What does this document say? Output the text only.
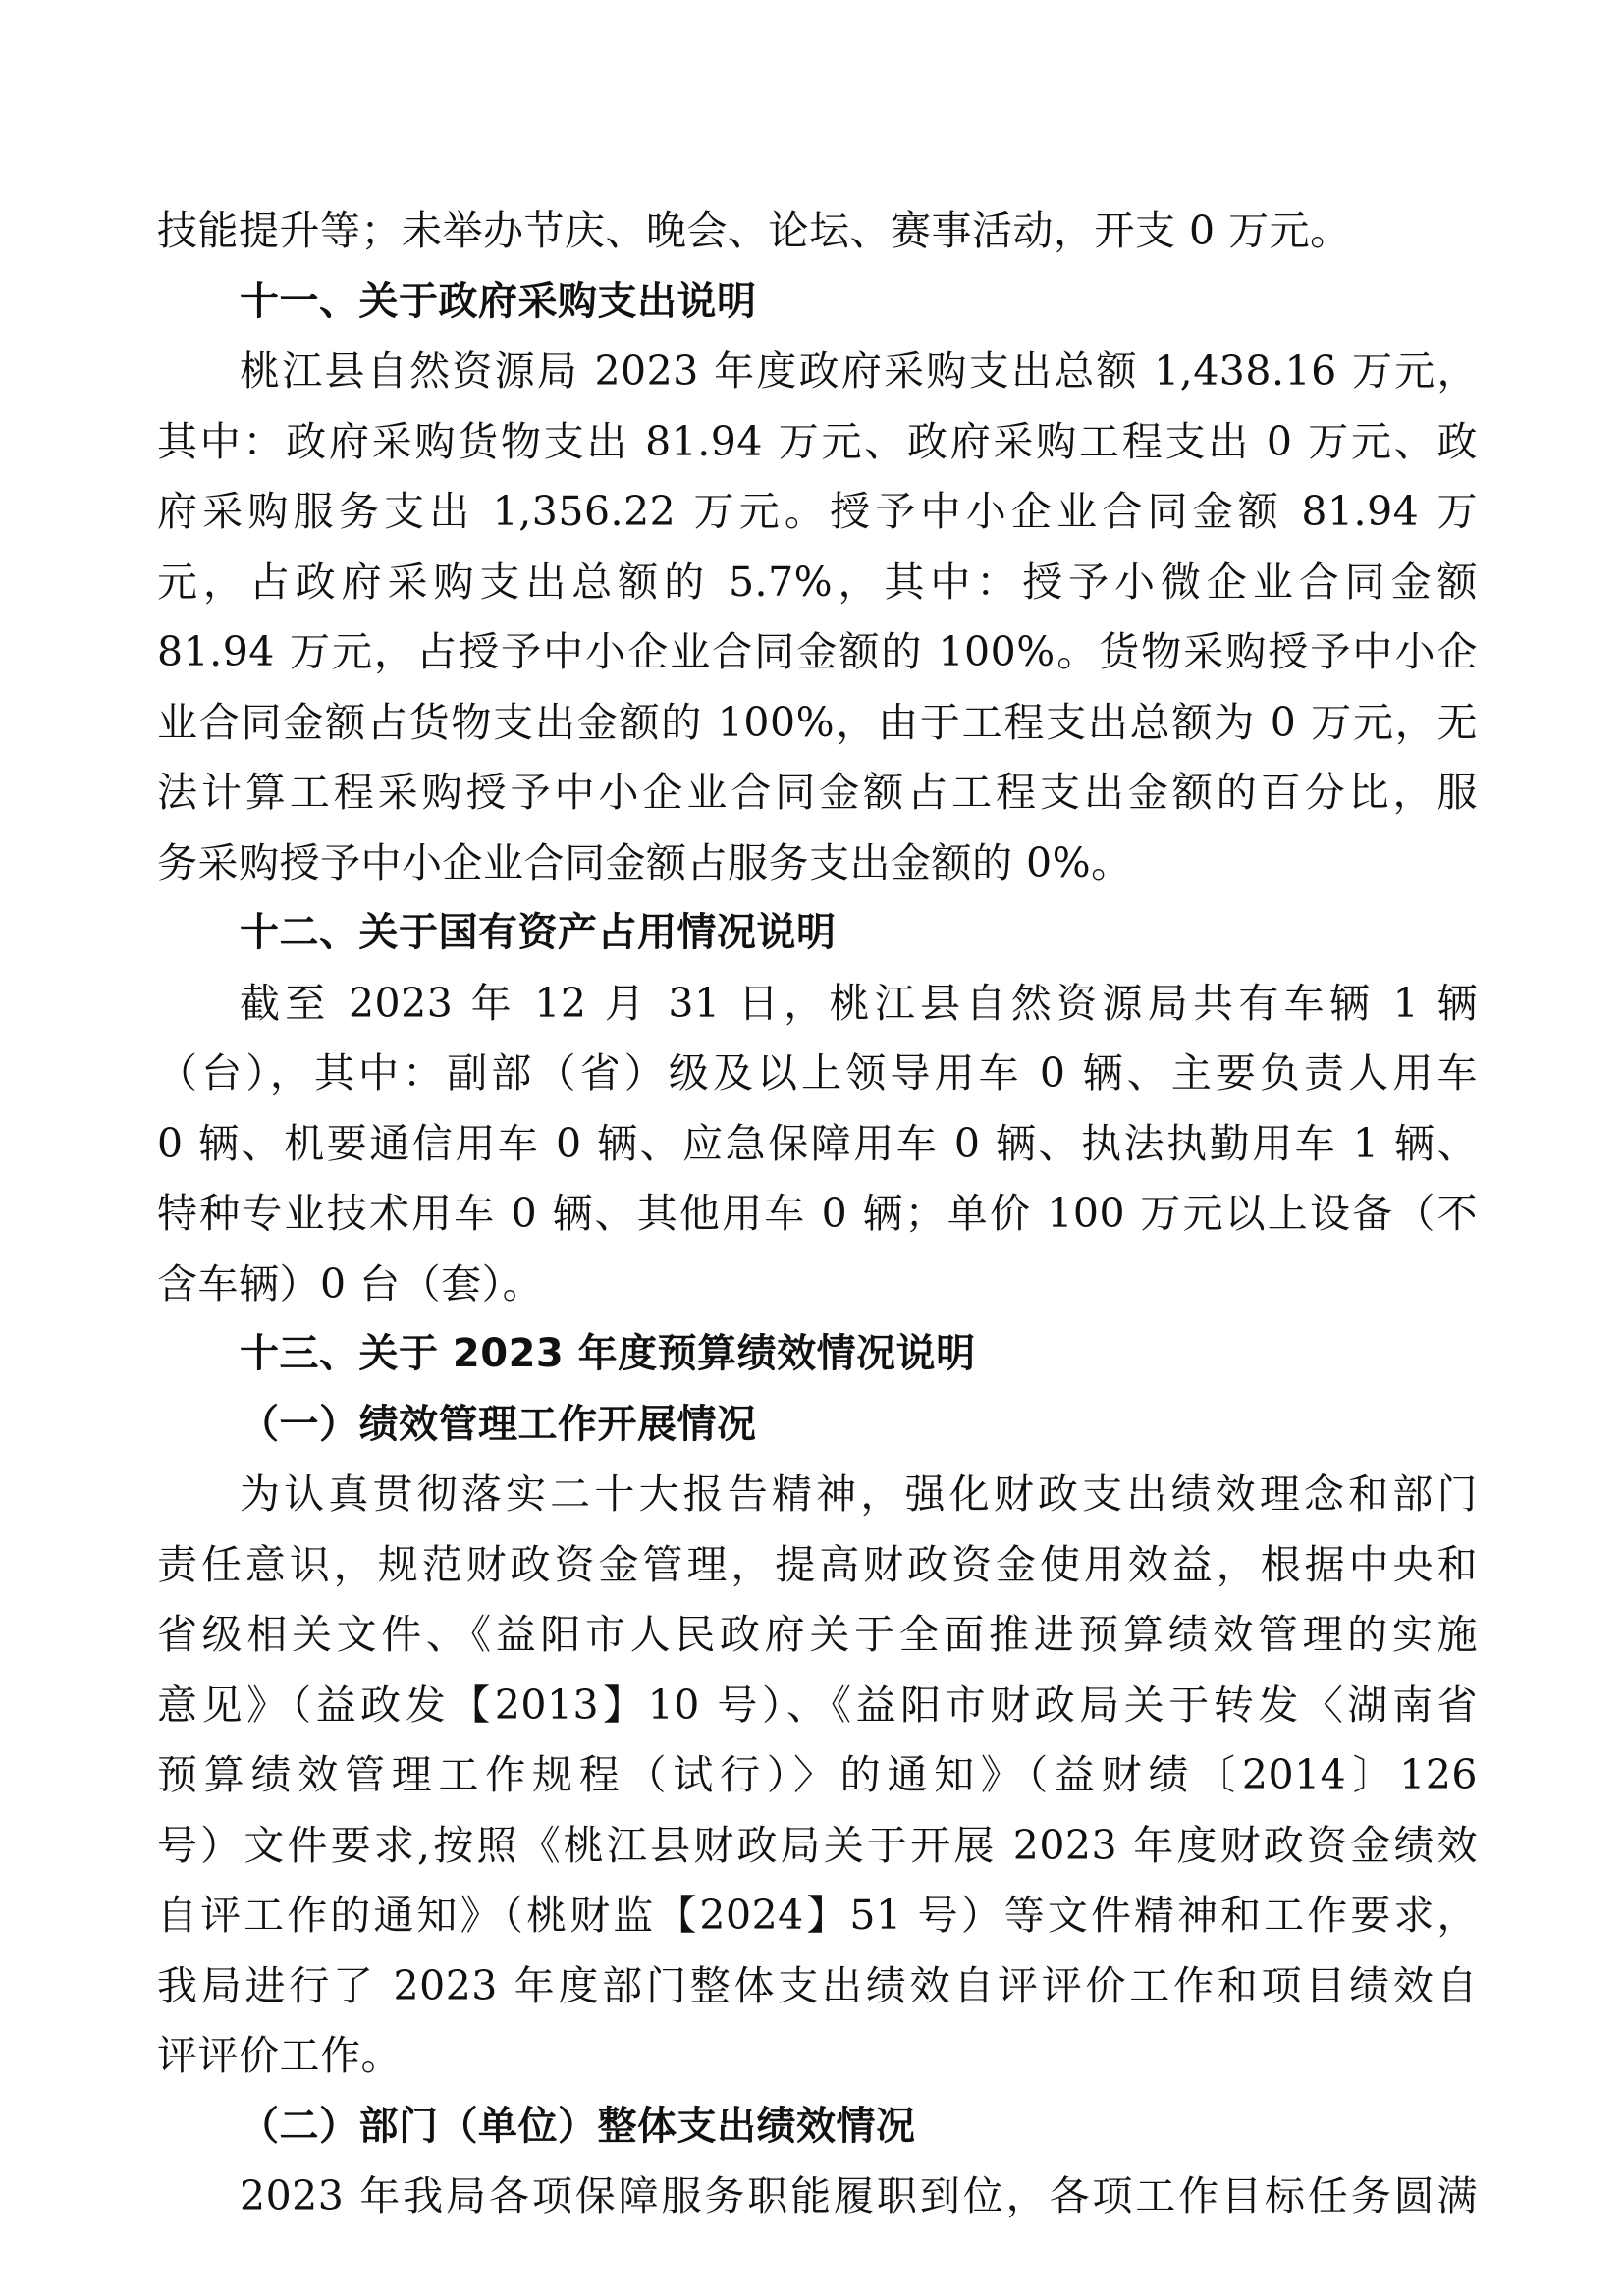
技能提升等；未举办节庆、晚会、论坛、赛事活动，开支 0 万元。

十一、关于政府采购支出说明

桃江县自然资源局 2023 年度政府采购支出总额 1,438.16 万元，

其中：政府采购货物支出 81.94 万元、政府采购工程支出 0 万元、政

府采购服务支出 1,356.22 万元。授予中小企业合同金额 81.94 万

元，占政府采购支出总额的 5.7%，其中：授予小微企业合同金额

81.94 万元，占授予中小企业合同金额的 100%。货物采购授予中小企

业合同金额占货物支出金额的 100%，由于工程支出总额为 0 万元，无

法计算工程采购授予中小企业合同金额占工程支出金额的百分比，服

务采购授予中小企业合同金额占服务支出金额的 0%。

十二、关于国有资产占用情况说明

截至 2023 年 12 月 31 日，桃江县自然资源局共有车辆 1 辆

（台），其中：副部（省）级及以上领导用车 0 辆、主要负责人用车

0 辆、机要通信用车 0 辆、应急保障用车 0 辆、执法执勤用车 1 辆、

特种专业技术用车 0 辆、其他用车 0 辆；单价 100 万元以上设备（不

含车辆）0 台（套）。

十三、关于 2023 年度预算绩效情况说明

（一）绩效管理工作开展情况

为认真贯彻落实二十大报告精神，强化财政支出绩效理念和部门

责任意识，规范财政资金管理，提高财政资金使用效益，根据中央和

省级相关文件、《益阳市人民政府关于全面推进预算绩效管理的实施

意见》（益政发【2013】10 号）、《益阳市财政局关于转发〈湖南省

预算绩效管理工作规程（试行）〉的通知》（益财绩〔2014〕126

号）文件要求,按照《桃江县财政局关于开展 2023 年度财政资金绩效

自评工作的通知》（桃财监【2024】51 号）等文件精神和工作要求，

我局进行了 2023 年度部门整体支出绩效自评评价工作和项目绩效自

评评价工作。

（二）部门（单位）整体支出绩效情况

2023 年我局各项保障服务职能履职到位，各项工作目标任务圆满
